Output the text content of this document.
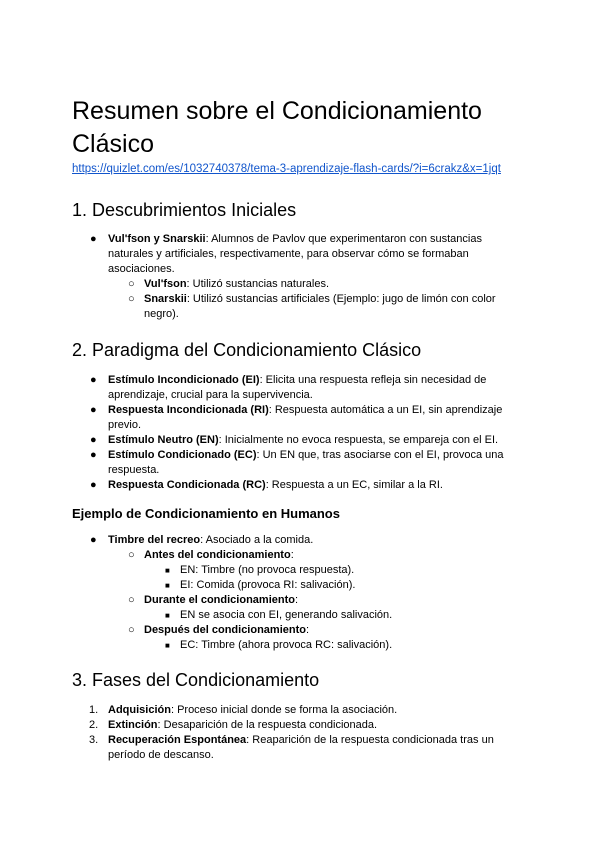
Resumen sobre el Condicionamiento Clásico
https://quizlet.com/es/1032740378/tema-3-aprendizaje-flash-cards/?i=6crakz&x=1jqt
1. Descubrimientos Iniciales
● Vul'fson y Snarskii: Alumnos de Pavlov que experimentaron con sustancias naturales y artificiales, respectivamente, para observar cómo se formaban asociaciones.
○ Vul'fson: Utilizó sustancias naturales.
○ Snarskii: Utilizó sustancias artificiales (Ejemplo: jugo de limón con color negro).
2. Paradigma del Condicionamiento Clásico
● Estímulo Incondicionado (EI): Elicita una respuesta refleja sin necesidad de aprendizaje, crucial para la supervivencia.
● Respuesta Incondicionada (RI): Respuesta automática a un EI, sin aprendizaje previo.
● Estímulo Neutro (EN): Inicialmente no evoca respuesta, se empareja con el EI.
● Estímulo Condicionado (EC): Un EN que, tras asociarse con el EI, provoca una respuesta.
● Respuesta Condicionada (RC): Respuesta a un EC, similar a la RI.
Ejemplo de Condicionamiento en Humanos
● Timbre del recreo: Asociado a la comida.
○ Antes del condicionamiento:
■ EN: Timbre (no provoca respuesta).
■ EI: Comida (provoca RI: salivación).
○ Durante el condicionamiento:
■ EN se asocia con EI, generando salivación.
○ Después del condicionamiento:
■ EC: Timbre (ahora provoca RC: salivación).
3. Fases del Condicionamiento
1. Adquisición: Proceso inicial donde se forma la asociación.
2. Extinción: Desaparición de la respuesta condicionada.
3. Recuperación Espontánea: Reaparición de la respuesta condicionada tras un período de descanso.
